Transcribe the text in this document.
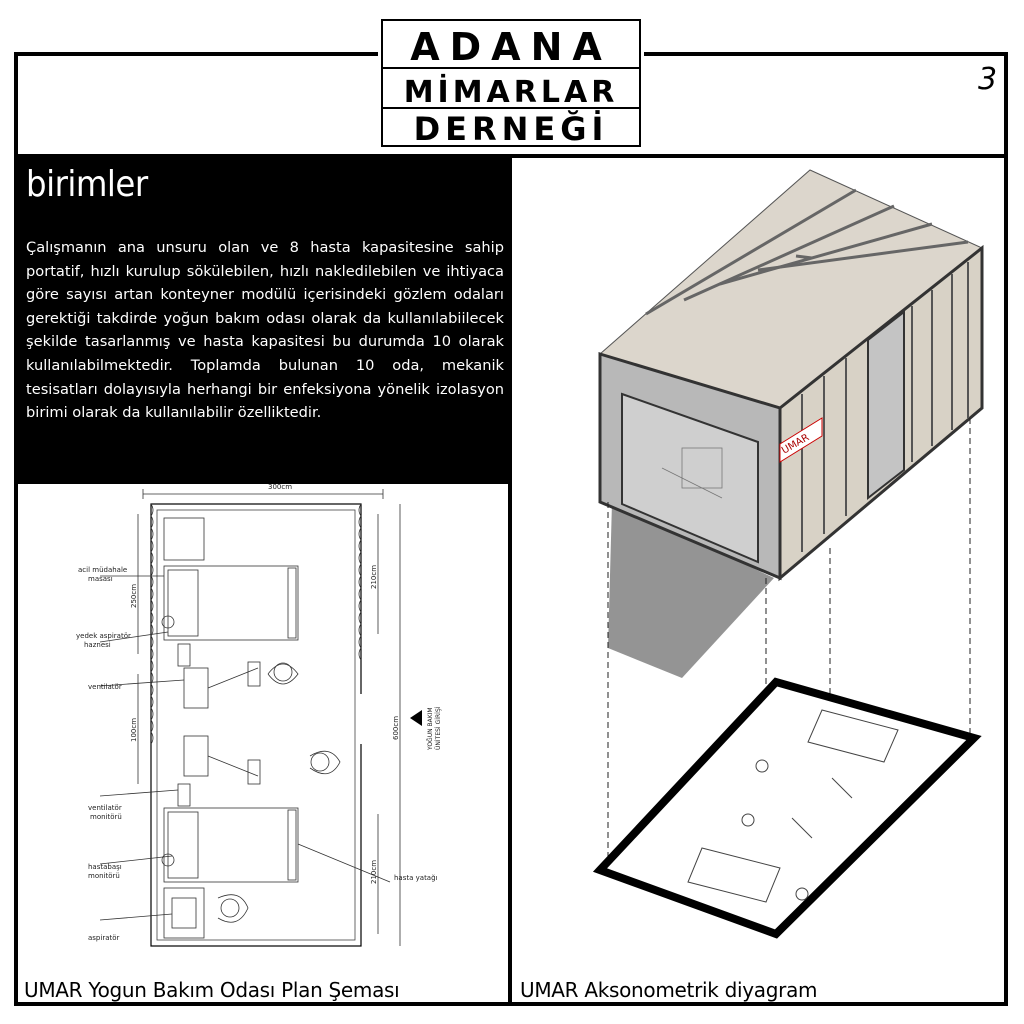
ADANA
MİMARLAR
DERNEĞİ
3
birimler

Çalışmanın ana unsuru olan ve 8 hasta kapasitesine sahip portatif, hızlı kurulup sökülebilen, hızlı nakledilebilen ve ihtiyaca göre sayısı artan konteyner modülü içerisindeki gözlem odaları gerektiği takdirde yoğun bakım odası olarak da kullanılabiilecek şekilde tasarlanmış ve hasta kapasitesi bu durumda 10 olarak kullanılabilmektedir. Toplamda bulunan 10 oda, mekanik tesisatları dolayısıyla herhangi bir enfeksiyona yönelik izolasyon birimi olarak da kullanılabilir özelliktedir.

300cm
acil müdahale
masası
yedek aspiratör
haznesi
ventilatör
ventilatör
monitörü
hastabaşı
monitörü
aspiratör
hasta yatağı
210cm
210cm
600cm
250cm
100cm	YOĞUN BAKIM ÜNİTESİ GİRİŞİ
UMAR Yogun Bakım Odası Plan Şeması
UMAR
UMAR Aksonometrik diyagram
